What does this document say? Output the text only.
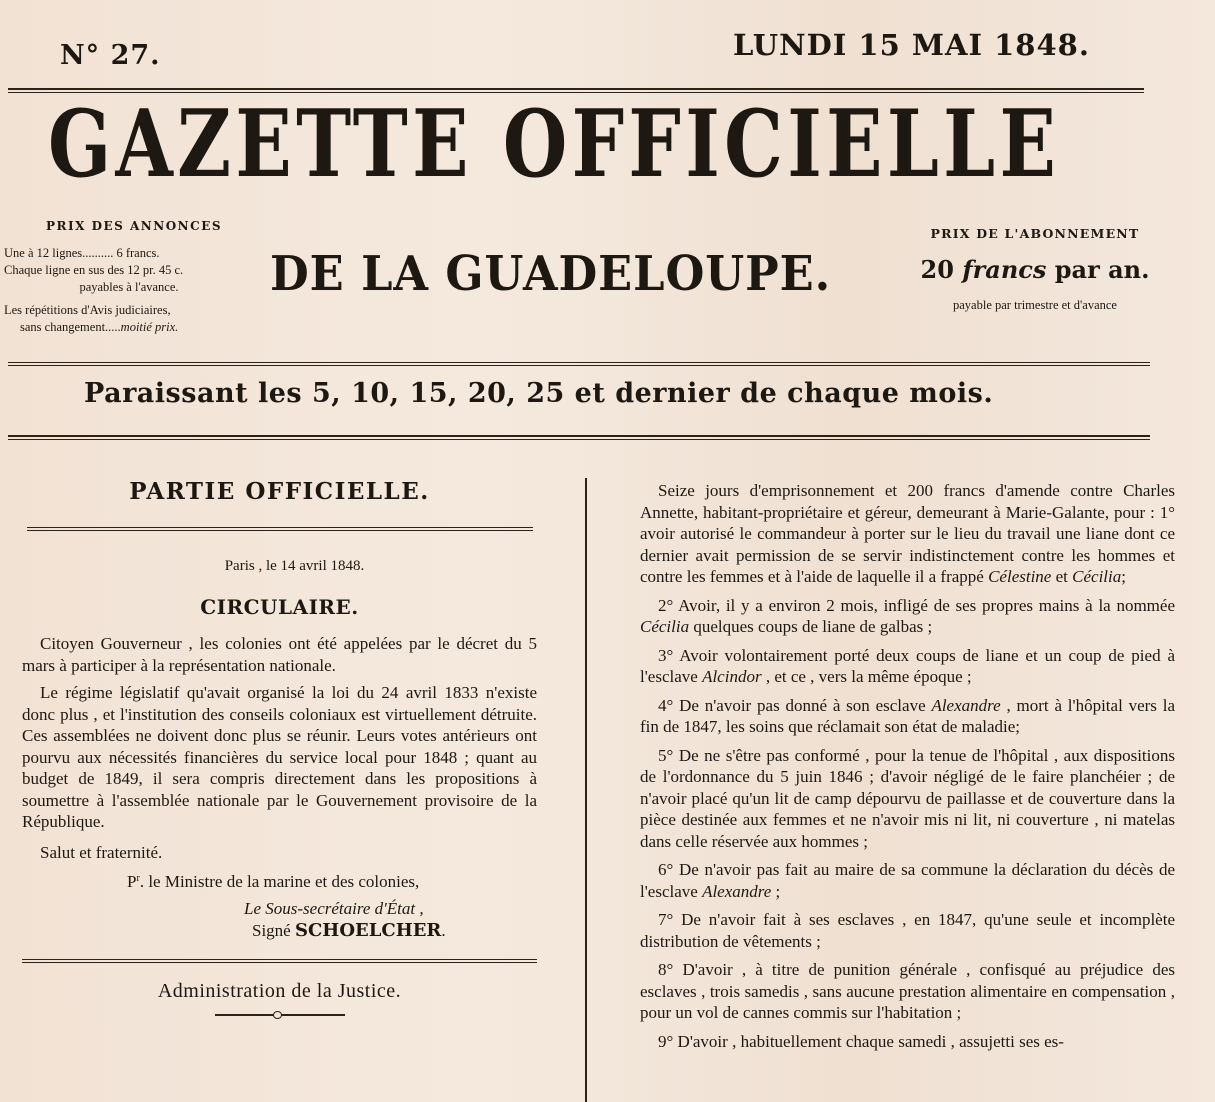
N° 27.	LUNDI 15 MAI 1848.
GAZETTE OFFICIELLE
PRIX DES ANNONCES
Une à 12 lignes.......... 6 francs.
Chaque ligne en sus des 12 pr. 45 c.
payables à l'avance.
Les répétitions d'Avis judiciaires,
sans changement.....moitié prix.
DE LA GUADELOUPE.
PRIX DE L'ABONNEMENT
20 francs par an.
payable par trimestre et d'avance
Paraissant les 5, 10, 15, 20, 25 et dernier de chaque mois.
PARTIE OFFICIELLE.
Paris , le 14 avril 1848.
CIRCULAIRE.
Citoyen Gouverneur , les colonies ont été appelées par le décret du 5 mars à participer à la représentation nationale.
Le régime législatif qu'avait organisé la loi du 24 avril 1833 n'existe donc plus , et l'institution des conseils coloniaux est virtuellement détruite. Ces assemblées ne doivent donc plus se réunir. Leurs votes antérieurs ont pourvu aux nécessités financières du service local pour 1848 ; quant au budget de 1849, il sera compris directement dans les propositions à soumettre à l'assemblée nationale par le Gouvernement provisoire de la République.
Salut et fraternité.
$P^r$. le Ministre de la marine et des colonies,
Le Sous-secrétaire d'État ,
Signé SCHOELCHER.
Administration de la Justice.
Seize jours d'emprisonnement et 200 francs d'amende contre Charles Annette, habitant-propriétaire et géreur, demeurant à Marie-Galante, pour : 1° avoir autorisé le commandeur à porter sur le lieu du travail une liane dont ce dernier avait permission de se servir indistinctement contre les hommes et contre les femmes et à l'aide de laquelle il a frappé Célestine et Cécilia;
2° Avoir, il y a environ 2 mois, infligé de ses propres mains à la nommée Cécilia quelques coups de liane de galbas ;
3° Avoir volontairement porté deux coups de liane et un coup de pied à l'esclave Alcindor , et ce , vers la même époque ;
4° De n'avoir pas donné à son esclave Alexandre , mort à l'hôpital vers la fin de 1847, les soins que réclamait son état de maladie;
5° De ne s'être pas conformé , pour la tenue de l'hôpital , aux dispositions de l'ordonnance du 5 juin 1846 ; d'avoir négligé de le faire planchéier ; de n'avoir placé qu'un lit de camp dépourvu de paillasse et de couverture dans la pièce destinée aux femmes et ne n'avoir mis ni lit, ni couverture , ni matelas dans celle réservée aux hommes ;
6° De n'avoir pas fait au maire de sa commune la déclaration du décès de l'esclave Alexandre ;
7° De n'avoir fait à ses esclaves , en 1847, qu'une seule et incomplète distribution de vêtements ;
8° D'avoir , à titre de punition générale , confisqué au préjudice des esclaves , trois samedis , sans aucune prestation alimentaire en compensation , pour un vol de cannes commis sur l'habitation ;
9° D'avoir , habituellement chaque samedi , assujetti ses es-
